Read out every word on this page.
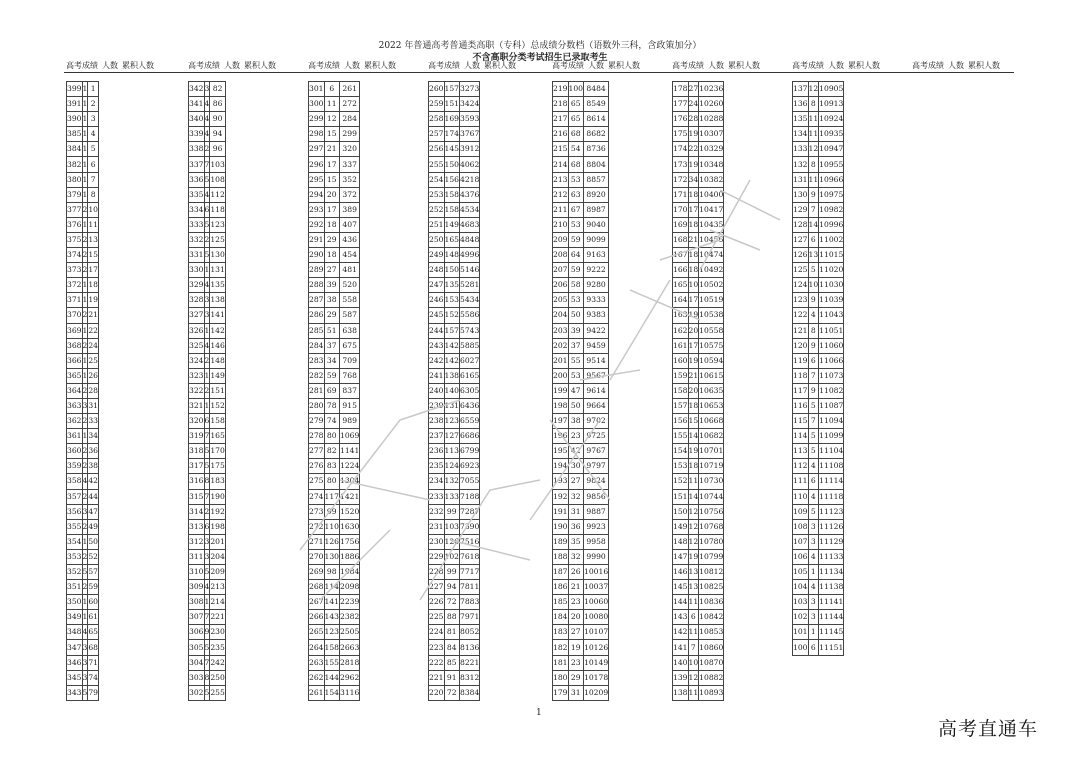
2022 年普通高考普通类高职（专科）总成绩分数档（语数外三科，含政策加分）
不含高职分类考试招生已录取考生
高考成绩 人数 累积人数	高考成绩 人数 累积人数	高考成绩 人数 累积人数	高考成绩 人数 累积人数	高考成绩 人数 累积人数	高考成绩 人数 累积人数	高考成绩 人数 累积人数	高考成绩 人数 累积人数
399	1	1
391	1	2
390	1	3
385	1	4
384	1	5
382	1	6
380	1	7
379	1	8
377	2	10
376	1	11
375	2	13
374	2	15
373	2	17
372	1	18
371	1	19
370	2	21
369	1	22
368	2	24
366	1	25
365	1	26
364	2	28
363	3	31
362	2	33
361	1	34
360	2	36
359	2	38
358	4	42
357	2	44
356	3	47
355	2	49
354	1	50
353	2	52
352	5	57
351	2	59
350	1	60
349	1	61
348	4	65
347	3	68
346	3	71
345	3	74
343	5	79
342	3	82
341	4	86
340	4	90
339	4	94
338	2	96
337	7	103
336	5	108
335	4	112
334	6	118
333	5	123
332	2	125
331	5	130
330	1	131
329	4	135
328	3	138
327	3	141
326	1	142
325	4	146
324	2	148
323	1	149
322	2	151
321	1	152
320	6	158
319	7	165
318	5	170
317	5	175
316	8	183
315	7	190
314	2	192
313	6	198
312	3	201
311	3	204
310	5	209
309	4	213
308	1	214
307	7	221
306	9	230
305	5	235
304	7	242
303	8	250
302	5	255
301	6	261
300	11	272
299	12	284
298	15	299
297	21	320
296	17	337
295	15	352
294	20	372
293	17	389
292	18	407
291	29	436
290	18	454
289	27	481
288	39	520
287	38	558
286	29	587
285	51	638
284	37	675
283	34	709
282	59	768
281	69	837
280	78	915
279	74	989
278	80	1069
277	82	1141
276	83	1224
275	80	1304
274	117	1421
273	99	1520
272	110	1630
271	126	1756
270	130	1886
269	98	1984
268	114	2098
267	141	2239
266	143	2382
265	123	2505
264	158	2663
263	155	2818
262	144	2962
261	154	3116
260	157	3273
259	151	3424
258	169	3593
257	174	3767
256	145	3912
255	150	4062
254	156	4218
253	158	4376
252	158	4534
251	149	4683
250	165	4848
249	148	4996
248	150	5146
247	135	5281
246	153	5434
245	152	5586
244	157	5743
243	142	5885
242	142	6027
241	138	6165
240	140	6305
239	131	6436
238	123	6559
237	127	6686
236	113	6799
235	124	6923
234	132	7055
233	133	7188
232	99	7287
231	103	7390
230	126	7516
229	102	7618
228	99	7717
227	94	7811
226	72	7883
225	88	7971
224	81	8052
223	84	8136
222	85	8221
221	91	8312
220	72	8384
219	100	8484
218	65	8549
217	65	8614
216	68	8682
215	54	8736
214	68	8804
213	53	8857
212	63	8920
211	67	8987
210	53	9040
209	59	9099
208	64	9163
207	59	9222
206	58	9280
205	53	9333
204	50	9383
203	39	9422
202	37	9459
201	55	9514
200	53	9567
199	47	9614
198	50	9664
197	38	9702
196	23	9725
195	42	9767
194	30	9797
193	27	9824
192	32	9856
191	31	9887
190	36	9923
189	35	9958
188	32	9990
187	26	10016
186	21	10037
185	23	10060
184	20	10080
183	27	10107
182	19	10126
181	23	10149
180	29	10178
179	31	10209
178	27	10236
177	24	10260
176	28	10288
175	19	10307
174	22	10329
173	19	10348
172	34	10382
171	18	10400
170	17	10417
169	18	10435
168	21	10456
167	18	10474
166	18	10492
165	10	10502
164	17	10519
163	19	10538
162	20	10558
161	17	10575
160	19	10594
159	21	10615
158	20	10635
157	18	10653
156	15	10668
155	14	10682
154	19	10701
153	18	10719
152	11	10730
151	14	10744
150	12	10756
149	12	10768
148	12	10780
147	19	10799
146	13	10812
145	13	10825
144	11	10836
143	6	10842
142	11	10853
141	7	10860
140	10	10870
139	12	10882
138	11	10893
137	12	10905
136	8	10913
135	11	10924
134	11	10935
133	12	10947
132	8	10955
131	11	10966
130	9	10975
129	7	10982
128	14	10996
127	6	11002
126	13	11015
125	5	11020
124	10	11030
123	9	11039
122	4	11043
121	8	11051
120	9	11060
119	6	11066
118	7	11073
117	9	11082
116	5	11087
115	7	11094
114	5	11099
113	5	11104
112	4	11108
111	6	11114
110	4	11118
109	5	11123
108	3	11126
107	3	11129
106	4	11133
105	1	11134
104	4	11138
103	3	11141
102	3	11144
101	1	11145
100	6	11151
1
高考直通车
